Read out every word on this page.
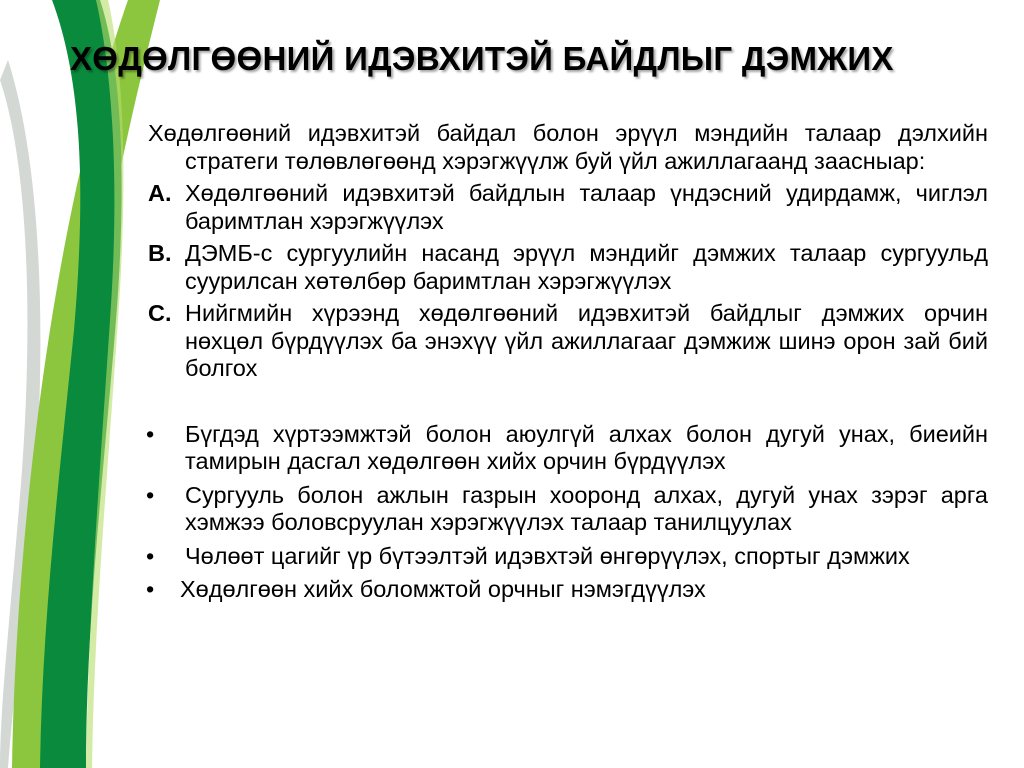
ХӨДӨЛГӨӨНИЙ ИДЭВХИТЭЙ БАЙДЛЫГ ДЭМЖИХ
Хөдөлгөөний идэвхитэй байдал болон эрүүл мэндийн талаар дэлхийн стратеги төлөвлөгөөнд хэрэгжүүлж буй үйл ажиллагаанд заасныар:
A. Хөдөлгөөний идэвхитэй байдлын талаар үндэсний удирдамж, чиглэл баримтлан хэрэгжүүлэх
B. ДЭМБ-с сургуулийн насанд эрүүл мэндийг дэмжих талаар сургуульд суурилсан хөтөлбөр баримтлан хэрэгжүүлэх
C. Нийгмийн хүрээнд хөдөлгөөний идэвхитэй байдлыг дэмжих орчин нөхцөл бүрдүүлэх ба энэхүү үйл ажиллагааг дэмжиж шинэ орон зай бий болгох
• Бүгдэд хүртээмжтэй болон аюулгүй алхах болон дугуй унах, биеийн тамирын дасгал хөдөлгөөн хийх орчин бүрдүүлэх
• Сургууль болон ажлын газрын хооронд алхах, дугуй унах зэрэг арга хэмжээ боловсруулан хэрэгжүүлэх талаар танилцуулах
• Чөлөөт цагийг үр бүтээлтэй идэвхтэй өнгөрүүлэх, спортыг дэмжих
• Хөдөлгөөн хийх боломжтой орчныг нэмэгдүүлэх
